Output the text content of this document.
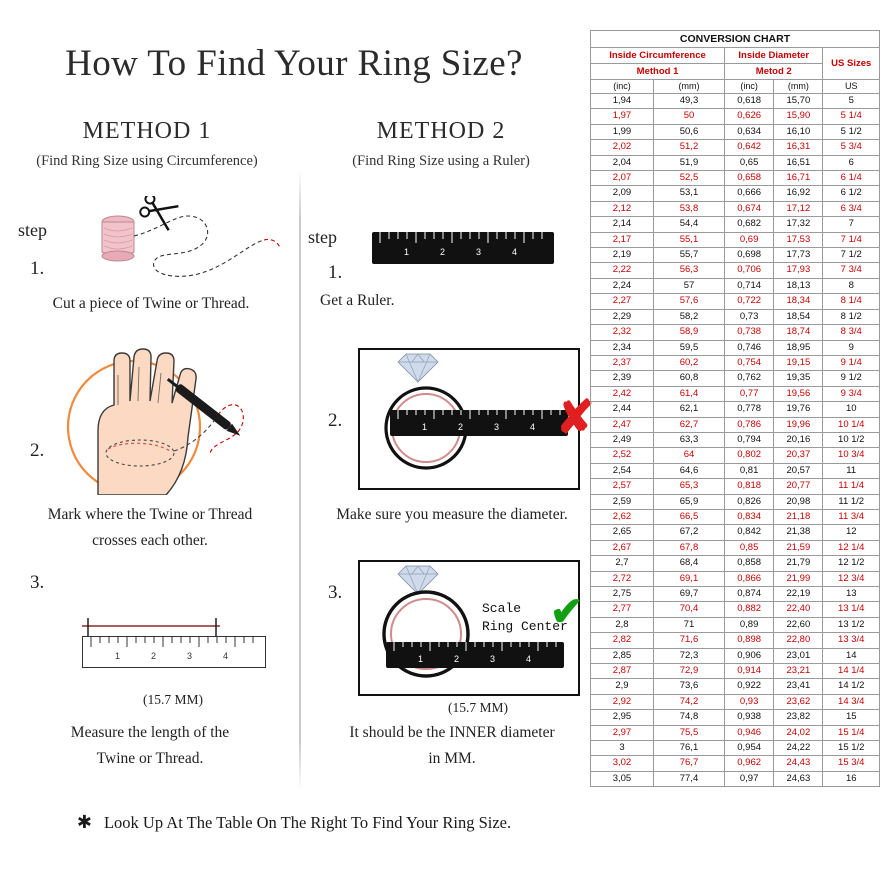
How To Find Your Ring Size?
METHOD 1
(Find Ring Size using Circumference)
step
1.
Cut a piece of Twine or Thread.
2.
Mark where the Twine or Thread
crosses each other.
3.
1	2	3	4
(15.7 MM)
Measure the length of the
Twine or Thread.
METHOD 2
(Find Ring Size using a Ruler)
step
1.
1	2	3	4
Get a Ruler.
2.	1	2	3	4 ✘
Make sure you measure the diameter.
3.
Scale
Ring Center
1	2	3	4
✔
(15.7 MM)
It should be the INNER diameter
in MM.
✱ Look Up At The Table On The Right To Find Your Ring Size.
CONVERSION CHART				

Inside Circumference		Inside Diameter		US Sizes
Method 1		Metod 2		
(inc)	(mm)	(inc)	(mm)	US
1,94	49,3	0,618	15,70	5
1,97	50	0,626	15,90	5 1/4
1,99	50,6	0,634	16,10	5 1/2
2,02	51,2	0,642	16,31	5 3/4
2,04	51,9	0,65	16,51	6
2,07	52,5	0,658	16,71	6 1/4
2,09	53,1	0,666	16,92	6 1/2
2,12	53,8	0,674	17,12	6 3/4
2,14	54,4	0,682	17,32	7
2,17	55,1	0,69	17,53	7 1/4
2,19	55,7	0,698	17,73	7 1/2
2,22	56,3	0,706	17,93	7 3/4
2,24	57	0,714	18,13	8
2,27	57,6	0,722	18,34	8 1/4
2,29	58,2	0,73	18,54	8 1/2
2,32	58,9	0,738	18,74	8 3/4
2,34	59,5	0,746	18,95	9
2,37	60,2	0,754	19,15	9 1/4
2,39	60,8	0,762	19,35	9 1/2
2,42	61,4	0,77	19,56	9 3/4
2,44	62,1	0,778	19,76	10
2,47	62,7	0,786	19,96	10 1/4
2,49	63,3	0,794	20,16	10 1/2
2,52	64	0,802	20,37	10 3/4
2,54	64,6	0,81	20,57	11
2,57	65,3	0,818	20,77	11 1/4
2,59	65,9	0,826	20,98	11 1/2
2,62	66,5	0,834	21,18	11 3/4
2,65	67,2	0,842	21,38	12
2,67	67,8	0,85	21,59	12 1/4
2,7	68,4	0,858	21,79	12 1/2
2,72	69,1	0,866	21,99	12 3/4
2,75	69,7	0,874	22,19	13
2,77	70,4	0,882	22,40	13 1/4
2,8	71	0,89	22,60	13 1/2
2,82	71,6	0,898	22,80	13 3/4
2,85	72,3	0,906	23,01	14
2,87	72,9	0,914	23,21	14 1/4
2,9	73,6	0,922	23,41	14 1/2
2,92	74,2	0,93	23,62	14 3/4
2,95	74,8	0,938	23,82	15
2,97	75,5	0,946	24,02	15 1/4
3	76,1	0,954	24,22	15 1/2
3,02	76,7	0,962	24,43	15 3/4
3,05	77,4	0,97	24,63	16
